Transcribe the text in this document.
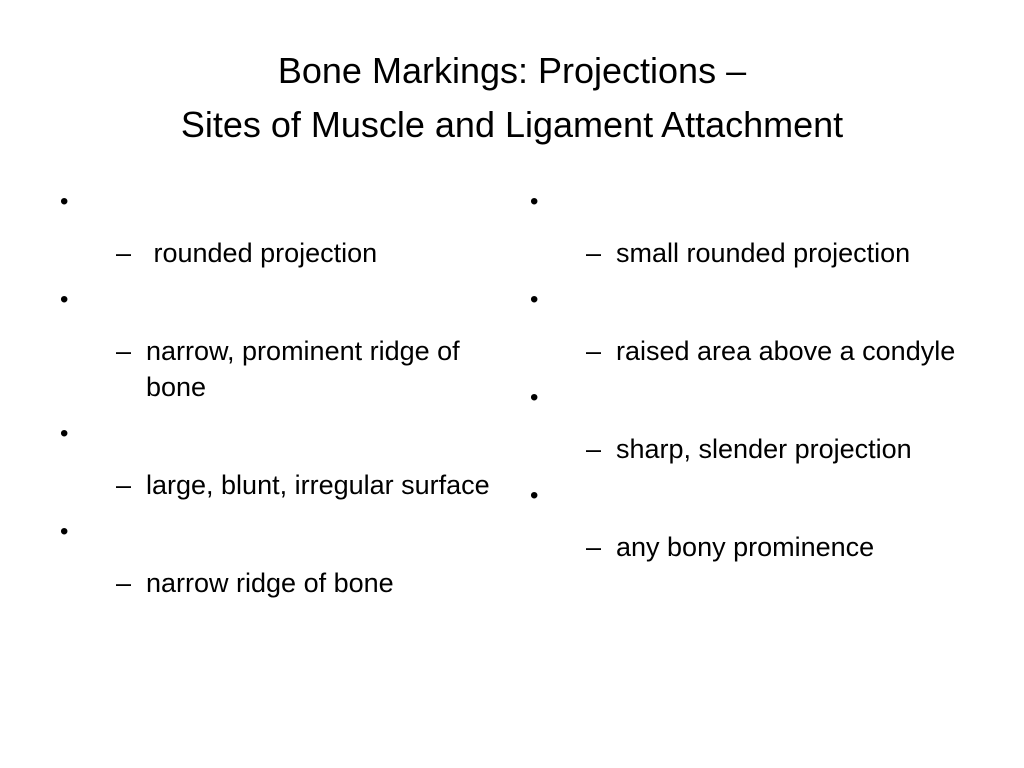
Bone Markings: Projections –
Sites of Muscle and Ligament Attachment
•
– rounded projection
•
– narrow, prominent ridge of bone
•
– large, blunt, irregular surface
•
– narrow ridge of bone
•
– small rounded projection
•
– raised area above a condyle
•
– sharp, slender projection
•
– any bony prominence
